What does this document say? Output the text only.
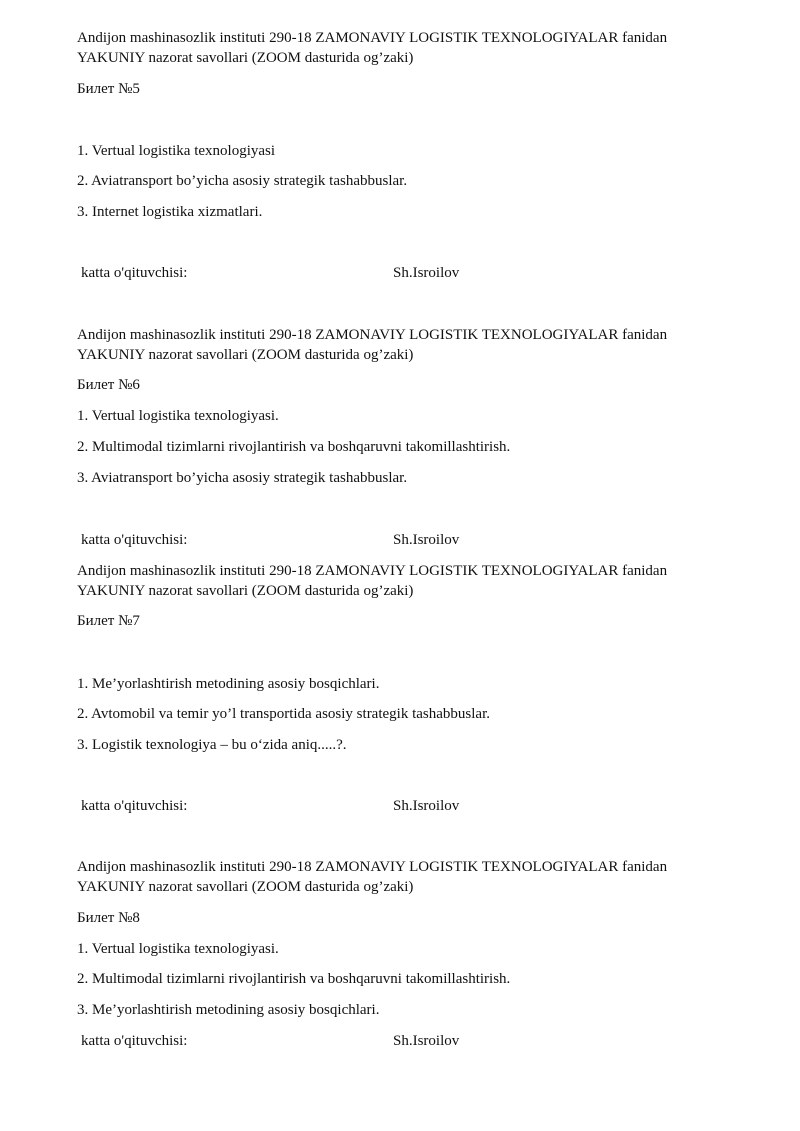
Andijon mashinasozlik instituti 290-18 ZAMONAVIY LOGISTIK TEXNOLOGIYALAR fanidan
YAKUNIY nazorat savollari (ZOOM dasturida og’zaki)
Билет №5
1. Vertual logistika texnologiyasi
2. Aviatransport bo’yicha asosiy strategik tashabbuslar.
3. Internet logistika xizmatlari.
katta o'qituvchisi:	Sh.Isroilov
Andijon mashinasozlik instituti 290-18 ZAMONAVIY LOGISTIK TEXNOLOGIYALAR fanidan
YAKUNIY nazorat savollari (ZOOM dasturida og’zaki)
Билет №6
1. Vertual logistika texnologiyasi.
2. Multimodal tizimlarni rivojlantirish va boshqaruvni takomillashtirish.
3. Aviatransport bo’yicha asosiy strategik tashabbuslar.
katta o'qituvchisi:	Sh.Isroilov
Andijon mashinasozlik instituti 290-18 ZAMONAVIY LOGISTIK TEXNOLOGIYALAR fanidan
YAKUNIY nazorat savollari (ZOOM dasturida og’zaki)
Билет №7
1. Me’yorlashtirish metodining asosiy bosqichlari.
2. Avtomobil va temir yo’l transportida asosiy strategik tashabbuslar.
3. Logistik texnologiya – bu o‘zida aniq.....?.
katta o'qituvchisi:	Sh.Isroilov
Andijon mashinasozlik instituti 290-18 ZAMONAVIY LOGISTIK TEXNOLOGIYALAR fanidan
YAKUNIY nazorat savollari (ZOOM dasturida og’zaki)
Билет №8
1. Vertual logistika texnologiyasi.
2. Multimodal tizimlarni rivojlantirish va boshqaruvni takomillashtirish.
3. Me’yorlashtirish metodining asosiy bosqichlari.
katta o'qituvchisi:	Sh.Isroilov
